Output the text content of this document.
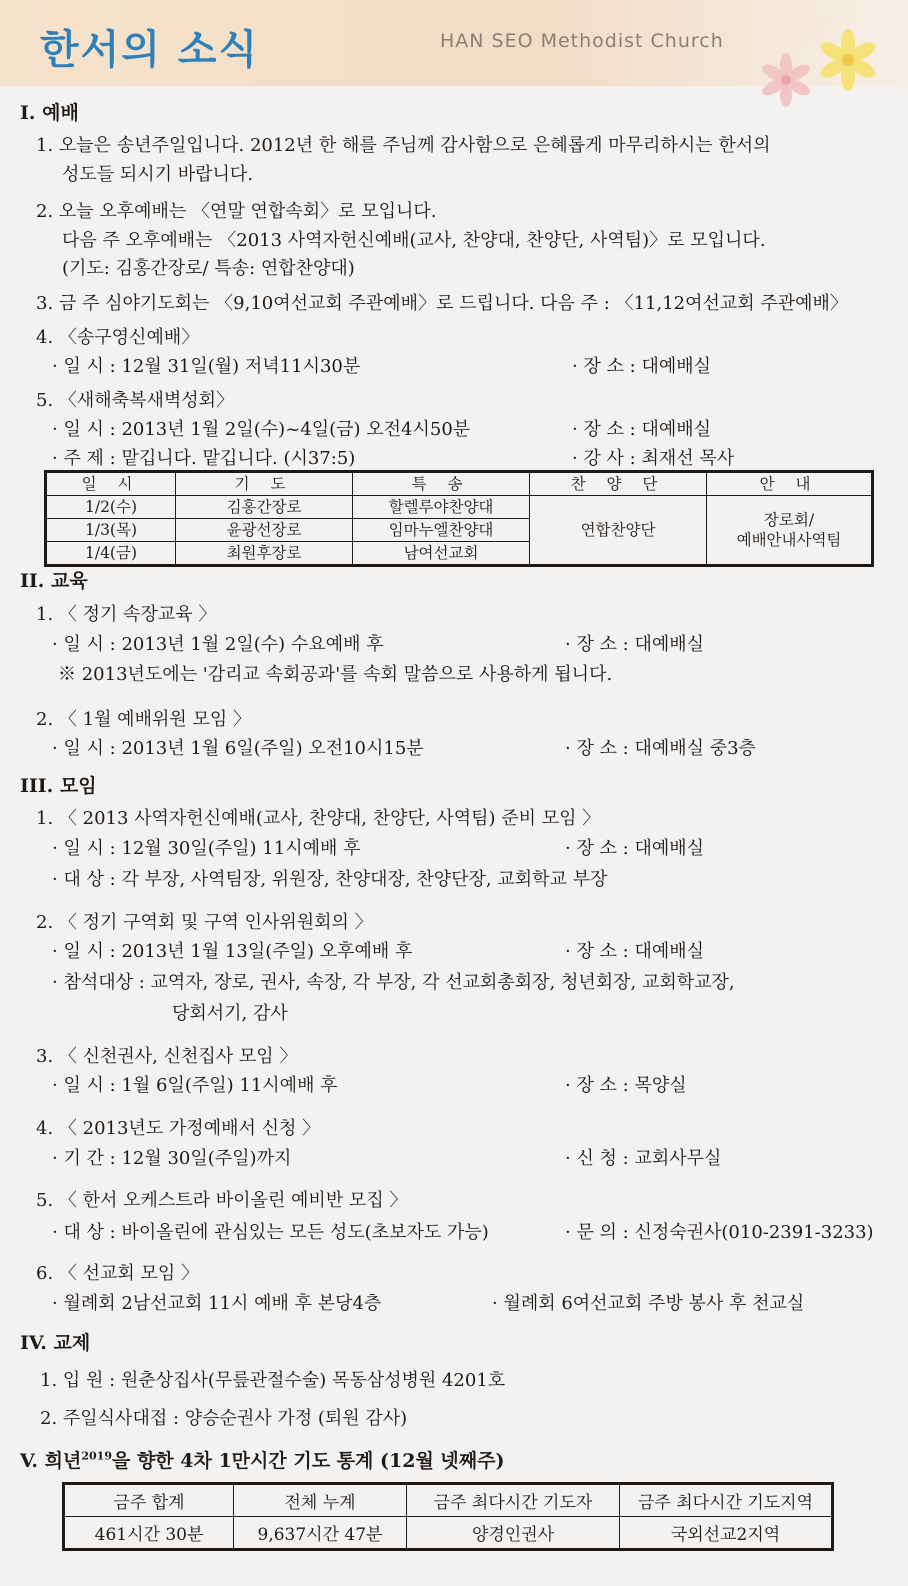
한서의 소식	HAN SEO Methodist Church
I. 예배
1. 오늘은 송년주일입니다. 2012년 한 해를 주님께 감사함으로 은혜롭게 마무리하시는 한서의
성도들 되시기 바랍니다.
2. 오늘 오후예배는 〈연말 연합속회〉로 모입니다.
다음 주 오후예배는 〈2013 사역자헌신예배(교사, 찬양대, 찬양단, 사역팀)〉로 모입니다.
(기도: 김홍간장로/ 특송: 연합찬양대)
3. 금 주 심야기도회는 〈9,10여선교회 주관예배〉로 드립니다. 다음 주 : 〈11,12여선교회 주관예배〉
4. 〈송구영신예배〉
· 일 시 : 12월 31일(월) 저녁11시30분	· 장 소 : 대예배실
5. 〈새해축복새벽성회〉
· 일 시 : 2013년 1월 2일(수)~4일(금) 오전4시50분	· 장 소 : 대예배실
· 주 제 : 맡깁니다. 맡깁니다. (시37:5)	· 강 사 : 최재선 목사
일 시	기 도	특 송	찬 양 단	안 내
1/2(수)	김홍간장로	할렐루야찬양대	연합찬양단	장로회/
예배안내사역팀

1/3(목)	윤광선장로	임마누엘찬양대		
1/4(금)	최원후장로	남여선교회		
II. 교육
1. 〈 정기 속장교육 〉
· 일 시 : 2013년 1월 2일(수) 수요예배 후	· 장 소 : 대예배실
※ 2013년도에는 '감리교 속회공과'를 속회 말씀으로 사용하게 됩니다.
2. 〈 1월 예배위원 모임 〉
· 일 시 : 2013년 1월 6일(주일) 오전10시15분	· 장 소 : 대예배실 중3층
III. 모임
1. 〈 2013 사역자헌신예배(교사, 찬양대, 찬양단, 사역팀) 준비 모임 〉
· 일 시 : 12월 30일(주일) 11시예배 후	· 장 소 : 대예배실
· 대 상 : 각 부장, 사역팀장, 위원장, 찬양대장, 찬양단장, 교회학교 부장
2. 〈 정기 구역회 및 구역 인사위원회의 〉
· 일 시 : 2013년 1월 13일(주일) 오후예배 후	· 장 소 : 대예배실
· 참석대상 : 교역자, 장로, 권사, 속장, 각 부장, 각 선교회총회장, 청년회장, 교회학교장,
당회서기, 감사
3. 〈 신천권사, 신천집사 모임 〉
· 일 시 : 1월 6일(주일) 11시예배 후	· 장 소 : 목양실
4. 〈 2013년도 가정예배서 신청 〉
· 기 간 : 12월 30일(주일)까지	· 신 청 : 교회사무실
5. 〈 한서 오케스트라 바이올린 예비반 모집 〉
· 대 상 : 바이올린에 관심있는 모든 성도(초보자도 가능)	· 문 의 : 신정숙권사(010-2391-3233)
6. 〈 선교회 모임 〉
· 월례회 2남선교회 11시 예배 후 본당4층	· 월례회 6여선교회 주방 봉사 후 천교실
IV. 교제
1. 입 원 : 원춘상집사(무릎관절수술) 목동삼성병원 4201호
2. 주일식사대접 : 양승순권사 가정 (퇴원 감사)
V. 희년$^{2019}$을 향한 4차 1만시간 기도 통계 (12월 넷째주)
금주 합계	전체 누계	금주 최다시간 기도자	금주 최다시간 기도지역
461시간 30분	9,637시간 47분	양경인권사	국외선교2지역
